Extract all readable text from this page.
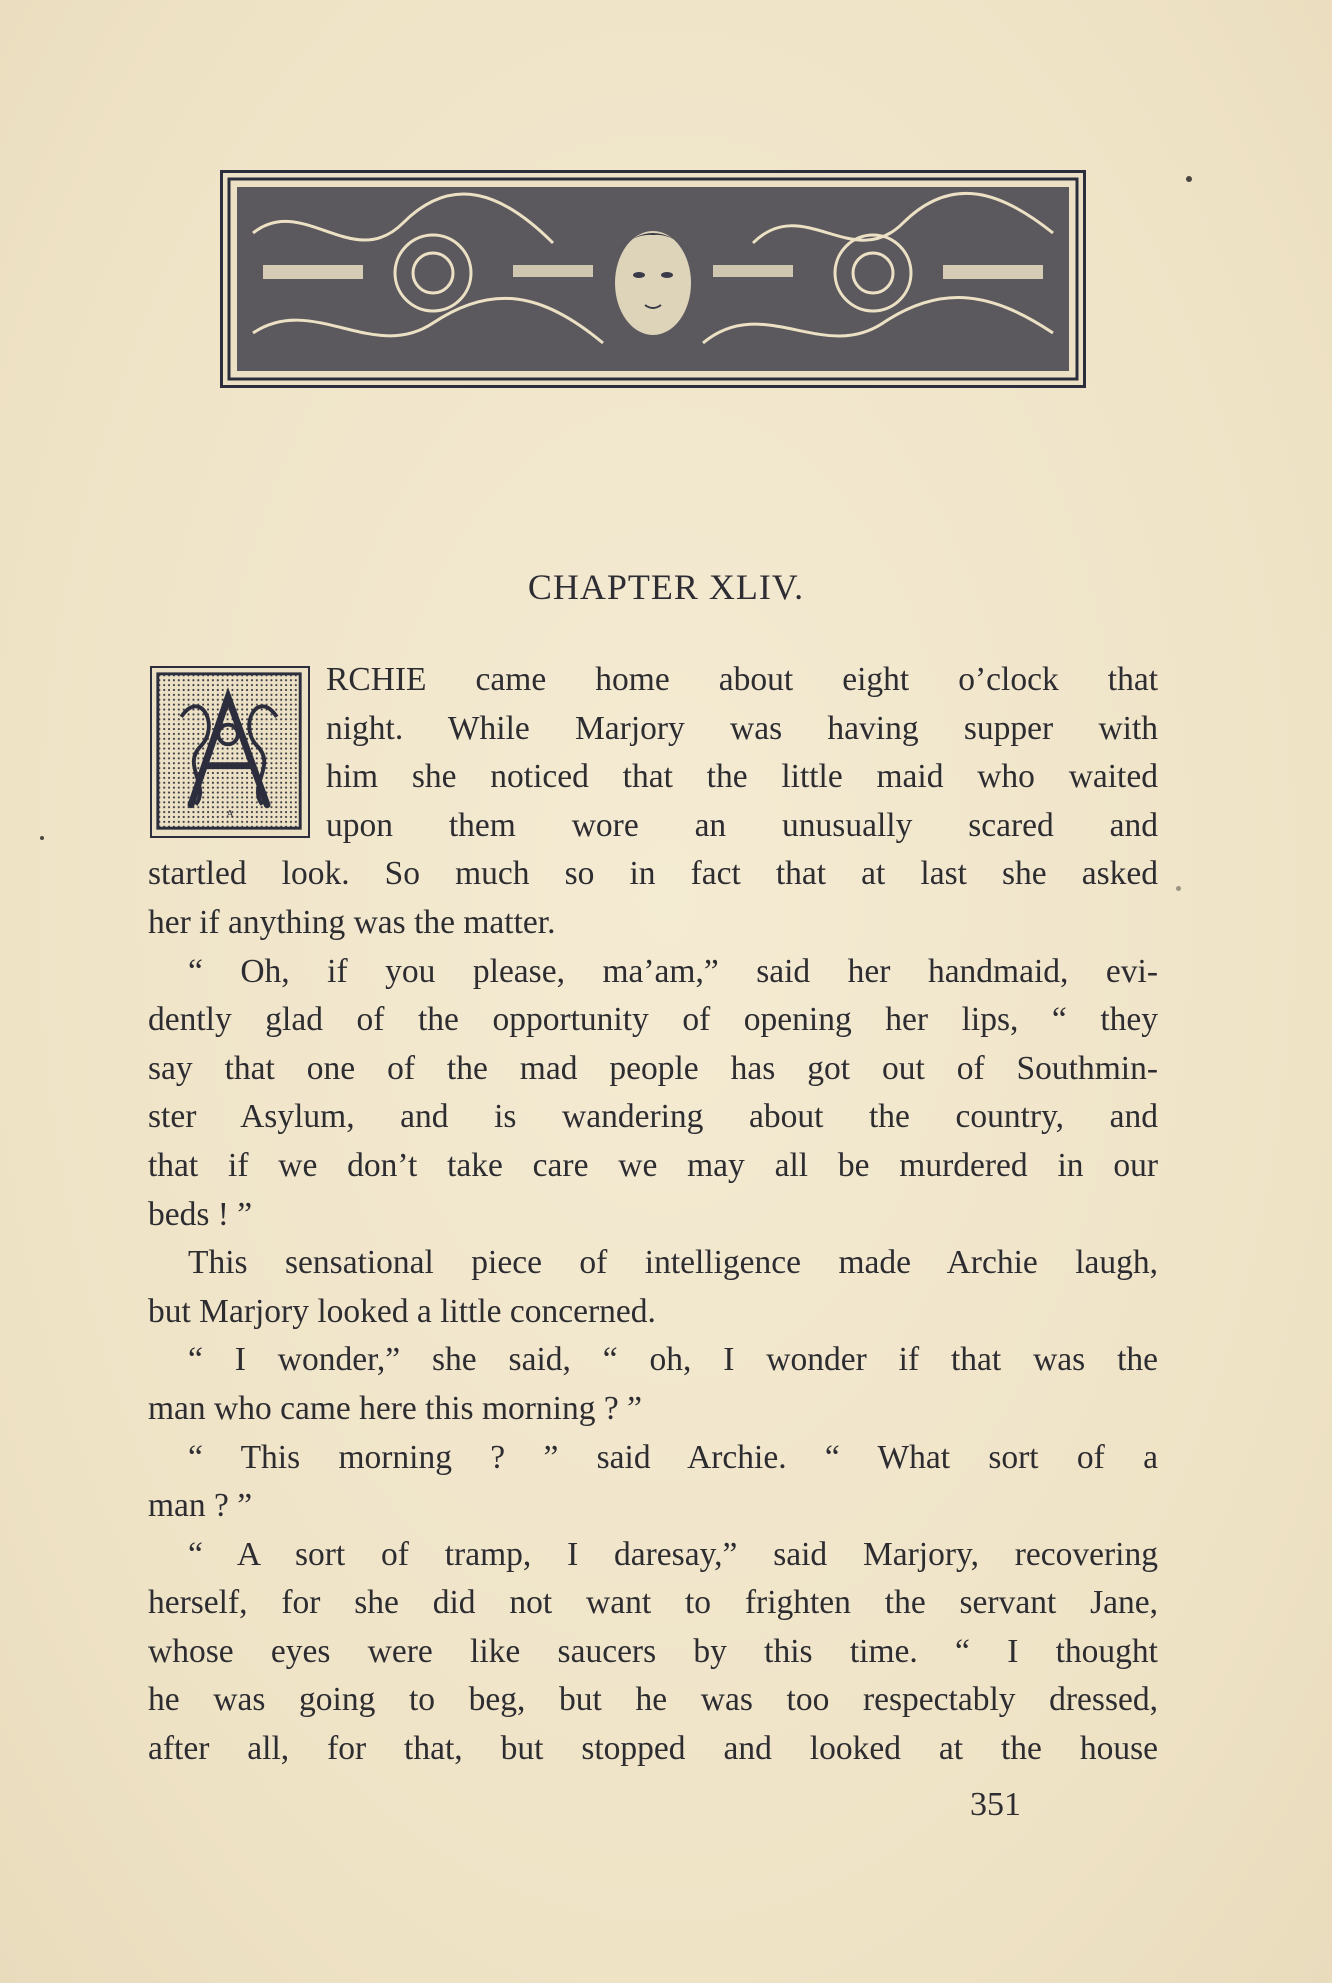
CHAPTER XLIV.
A
RCHIE came home about eight o’clock that
night. While Marjory was having supper with
him she noticed that the little maid who waited
upon them wore an unusually scared and
startled look. So much so in fact that at last she asked
her if anything was the matter.
“ Oh, if you please, ma’am,” said her handmaid, evi-
dently glad of the opportunity of opening her lips, “ they
say that one of the mad people has got out of Southmin-
ster Asylum, and is wandering about the country, and
that if we don’t take care we may all be murdered in our
beds ! ”
This sensational piece of intelligence made Archie laugh,
but Marjory looked a little concerned.
“ I wonder,” she said, “ oh, I wonder if that was the
man who came here this morning ? ”
“ This morning ? ” said Archie. “ What sort of a
man ? ”
“ A sort of tramp, I daresay,” said Marjory, recovering
herself, for she did not want to frighten the servant Jane,
whose eyes were like saucers by this time. “ I thought
he was going to beg, but he was too respectably dressed,
after all, for that, but stopped and looked at the house
351
